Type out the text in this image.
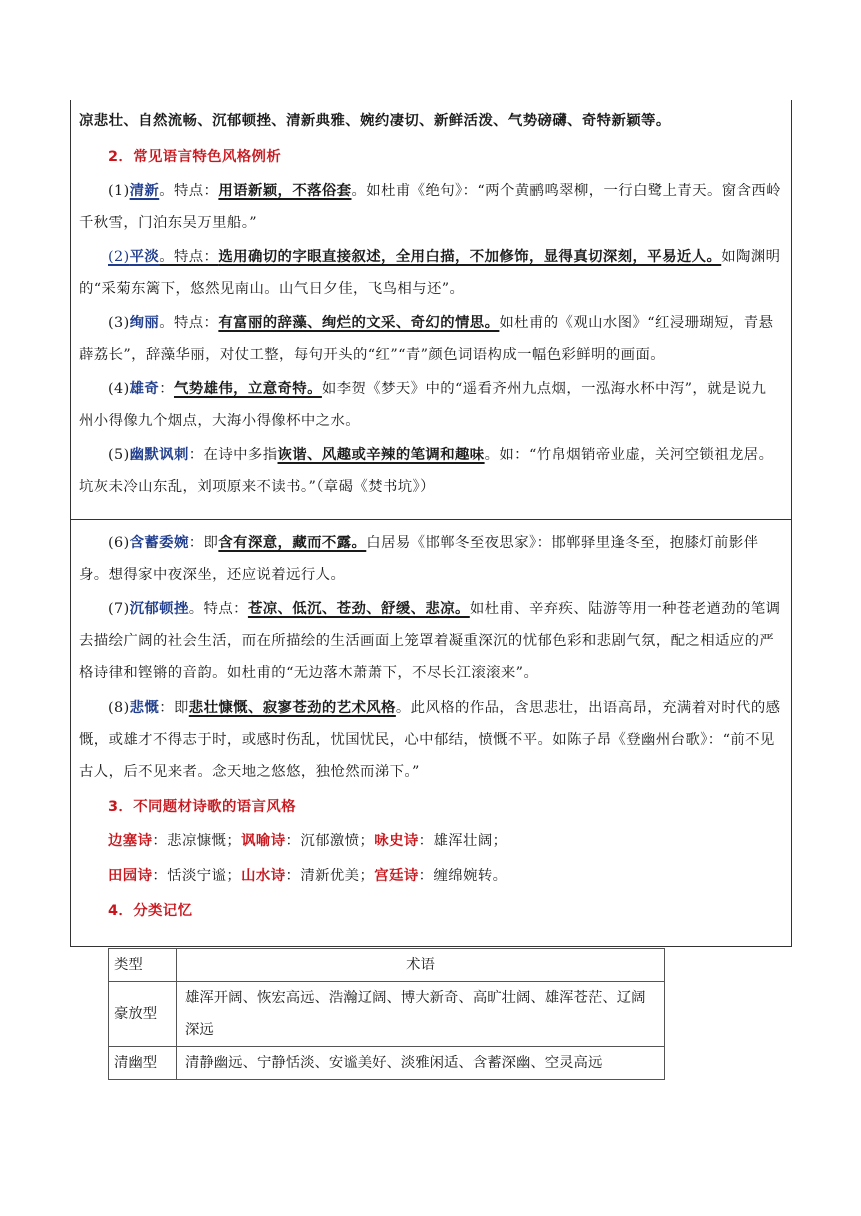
凉悲壮、自然流畅、沉郁顿挫、清新典雅、婉约凄切、新鲜活泼、气势磅礴、奇特新颖等。
2．常见语言特色风格例析
(1)清新。特点：用语新颖，不落俗套。如杜甫《绝句》：“两个黄鹂鸣翠柳，一行白鹭上青天。窗含西岭千秋雪，门泊东吴万里船。”
(2)平淡。特点：选用确切的字眼直接叙述，全用白描，不加修饰，显得真切深刻，平易近人。如陶渊明的“采菊东篱下，悠然见南山。山气日夕佳，飞鸟相与还”。
(3)绚丽。特点：有富丽的辞藻、绚烂的文采、奇幻的情思。如杜甫的《观山水图》“红浸珊瑚短，青悬薜荔长”，辞藻华丽，对仗工整，每句开头的“红”“青”颜色词语构成一幅色彩鲜明的画面。
(4)雄奇：气势雄伟，立意奇特。如李贺《梦天》中的“遥看齐州九点烟，一泓海水杯中泻”，就是说九州小得像九个烟点，大海小得像杯中之水。
(5)幽默讽刺：在诗中多指诙谐、风趣或辛辣的笔调和趣味。如：“竹帛烟销帝业虚，关河空锁祖龙居。坑灰未冷山东乱，刘项原来不读书。”（章碣《焚书坑》）
(6)含蓄委婉：即含有深意，藏而不露。白居易《邯郸冬至夜思家》：邯郸驿里逢冬至，抱膝灯前影伴身。想得家中夜深坐，还应说着远行人。
(7)沉郁顿挫。特点：苍凉、低沉、苍劲、舒缓、悲凉。如杜甫、辛弃疾、陆游等用一种苍老遒劲的笔调去描绘广阔的社会生活，而在所描绘的生活画面上笼罩着凝重深沉的忧郁色彩和悲剧气氛，配之相适应的严格诗律和铿锵的音韵。如杜甫的“无边落木萧萧下，不尽长江滚滚来”。
(8)悲慨：即悲壮慷慨、寂寥苍劲的艺术风格。此风格的作品，含思悲壮，出语高昂，充满着对时代的感慨，或雄才不得志于时，或感时伤乱，忧国忧民，心中郁结，愤慨不平。如陈子昂《登幽州台歌》：“前不见古人，后不见来者。念天地之悠悠，独怆然而涕下。”
3．不同题材诗歌的语言风格
边塞诗：悲凉慷慨；讽喻诗：沉郁激愤；咏史诗：雄浑壮阔；
田园诗：恬淡宁谧；山水诗：清新优美；宫廷诗：缠绵婉转。
4．分类记忆
类型	术语
豪放型	雄浑开阔、恢宏高远、浩瀚辽阔、博大新奇、高旷壮阔、雄浑苍茫、辽阔深远
清幽型	清静幽远、宁静恬淡、安谧美好、淡雅闲适、含蓄深幽、空灵高远
